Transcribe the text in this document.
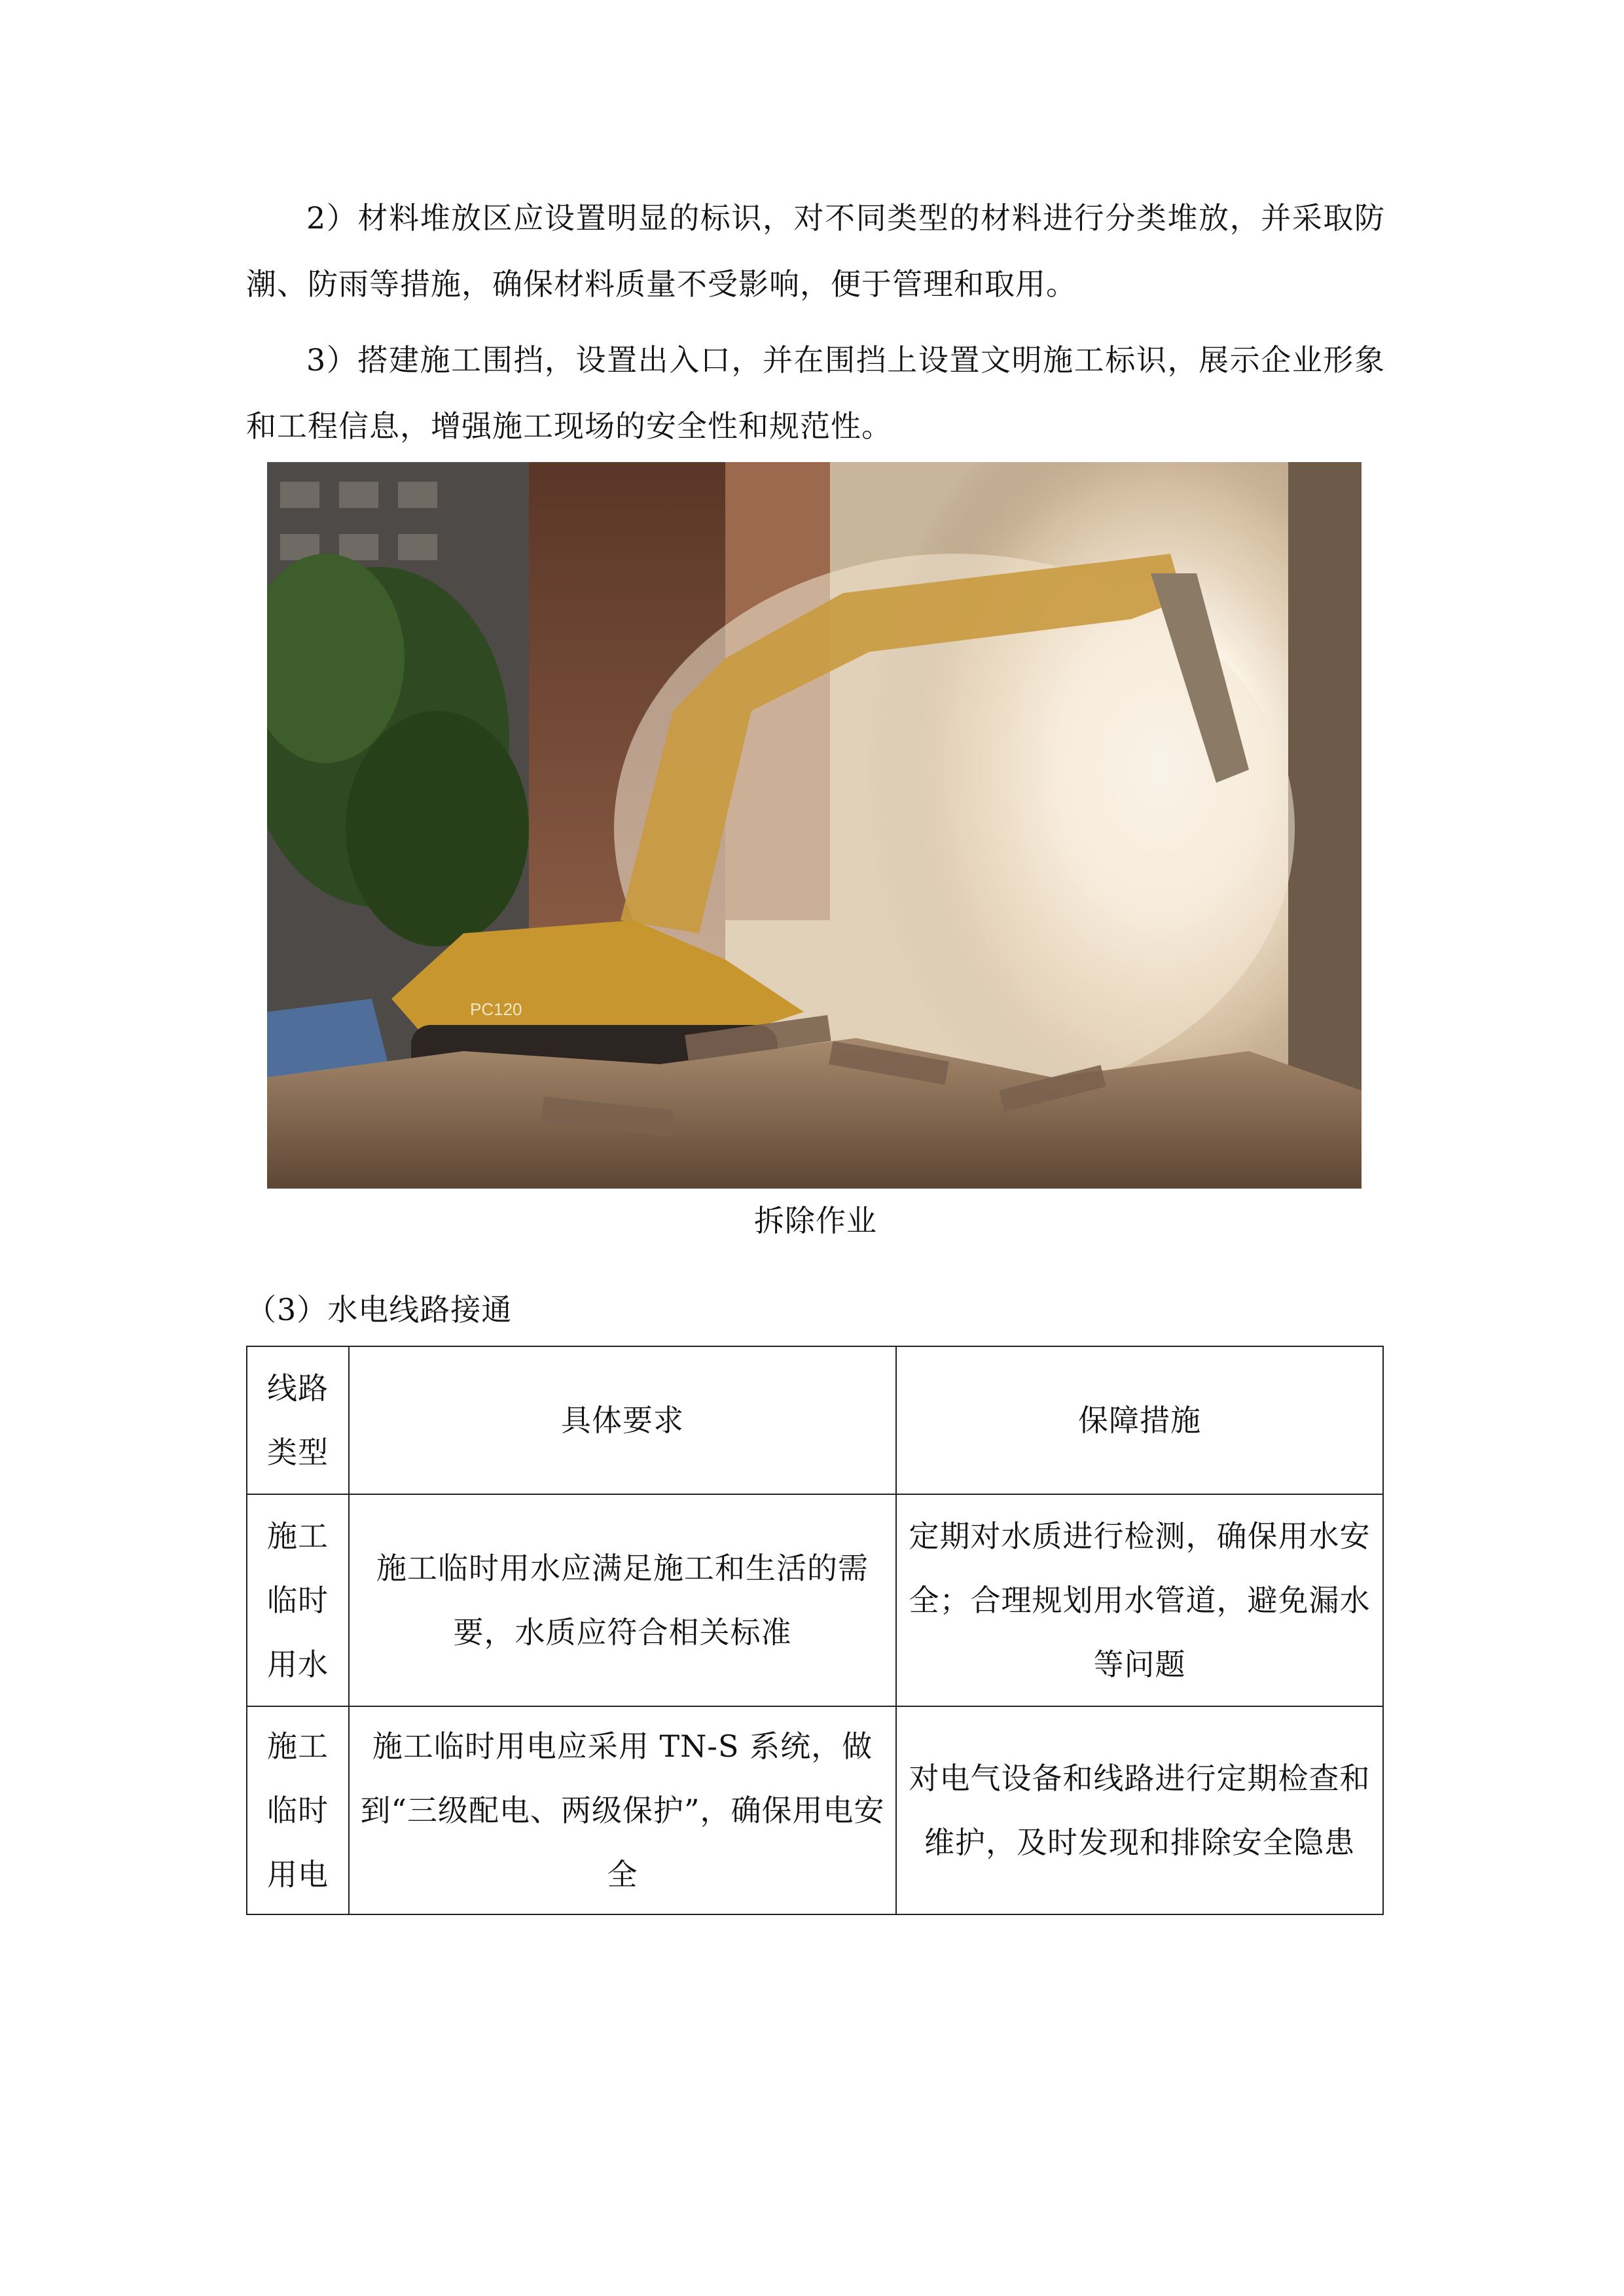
2）材料堆放区应设置明显的标识，对不同类型的材料进行分类堆放，并采取防潮、防雨等措施，确保材料质量不受影响，便于管理和取用。

3）搭建施工围挡，设置出入口，并在围挡上设置文明施工标识，展示企业形象和工程信息，增强施工现场的安全性和规范性。

PC120
拆除作业
（3）水电线路接通
线路类型	具体要求	保障措施
施工临时用水	施工临时用水应满足施工和生活的需要，水质应符合相关标准	定期对水质进行检测，确保用水安全；合理规划用水管道，避免漏水等问题
施工临时用电	施工临时用电应采用 TN-S 系统，做到“三级配电、两级保护”，确保用电安全	对电气设备和线路进行定期检查和维护，及时发现和排除安全隐患
